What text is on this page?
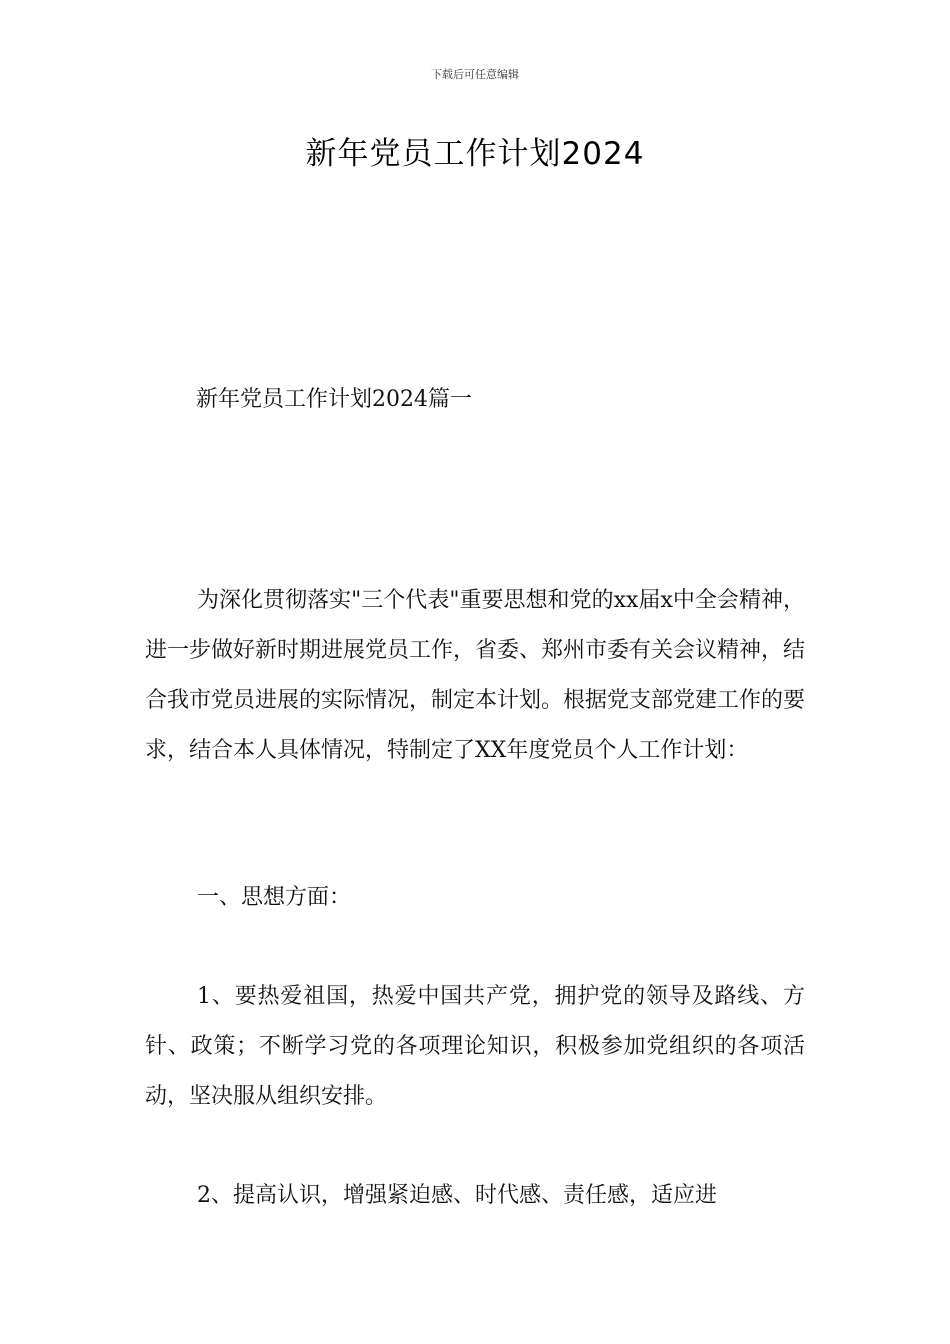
下载后可任意编辑
新年党员工作计划2024
新年党员工作计划2024篇一

为深化贯彻落实"三个代表"重要思想和党的xx届x中全会精神，进一步做好新时期进展党员工作，省委、郑州市委有关会议精神，结合我市党员进展的实际情况，制定本计划。根据党支部党建工作的要求，结合本人具体情况，特制定了XX年度党员个人工作计划：

一、思想方面：

1、要热爱祖国，热爱中国共产党，拥护党的领导及路线、方针、政策；不断学习党的各项理论知识，积极参加党组织的各项活动，坚决服从组织安排。

2、提高认识，增强紧迫感、时代感、责任感，适应进
